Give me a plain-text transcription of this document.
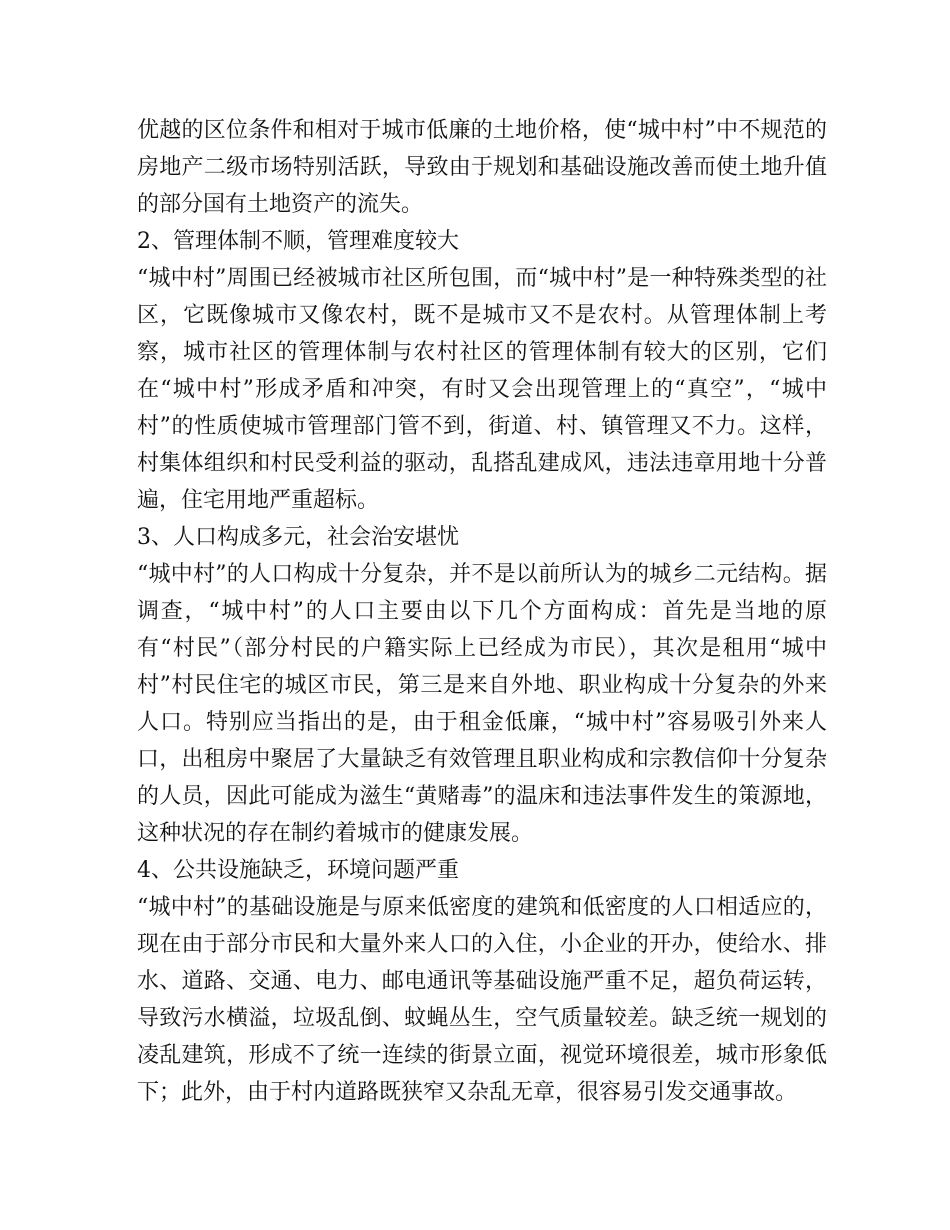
优越的区位条件和相对于城市低廉的土地价格，使“城中村”中不规范的房地产二级市场特别活跃，导致由于规划和基础设施改善而使土地升值的部分国有土地资产的流失。

2、管理体制不顺，管理难度较大

“城中村”周围已经被城市社区所包围，而“城中村”是一种特殊类型的社区，它既像城市又像农村，既不是城市又不是农村。从管理体制上考察，城市社区的管理体制与农村社区的管理体制有较大的区别，它们在“城中村”形成矛盾和冲突，有时又会出现管理上的“真空”，“城中村”的性质使城市管理部门管不到，街道、村、镇管理又不力。这样，村集体组织和村民受利益的驱动，乱搭乱建成风，违法违章用地十分普遍，住宅用地严重超标。

3、人口构成多元，社会治安堪忧

“城中村”的人口构成十分复杂，并不是以前所认为的城乡二元结构。据调查，“城中村”的人口主要由以下几个方面构成：首先是当地的原有“村民”（部分村民的户籍实际上已经成为市民），其次是租用“城中村”村民住宅的城区市民，第三是来自外地、职业构成十分复杂的外来人口。特别应当指出的是，由于租金低廉，“城中村”容易吸引外来人口，出租房中聚居了大量缺乏有效管理且职业构成和宗教信仰十分复杂的人员，因此可能成为滋生“黄赌毒”的温床和违法事件发生的策源地，这种状况的存在制约着城市的健康发展。

4、公共设施缺乏，环境问题严重

“城中村”的基础设施是与原来低密度的建筑和低密度的人口相适应的，现在由于部分市民和大量外来人口的入住，小企业的开办，使给水、排水、道路、交通、电力、邮电通讯等基础设施严重不足，超负荷运转，导致污水横溢，垃圾乱倒、蚊蝇丛生，空气质量较差。缺乏统一规划的凌乱建筑，形成不了统一连续的街景立面，视觉环境很差，城市形象低下；此外，由于村内道路既狭窄又杂乱无章，很容易引发交通事故。
